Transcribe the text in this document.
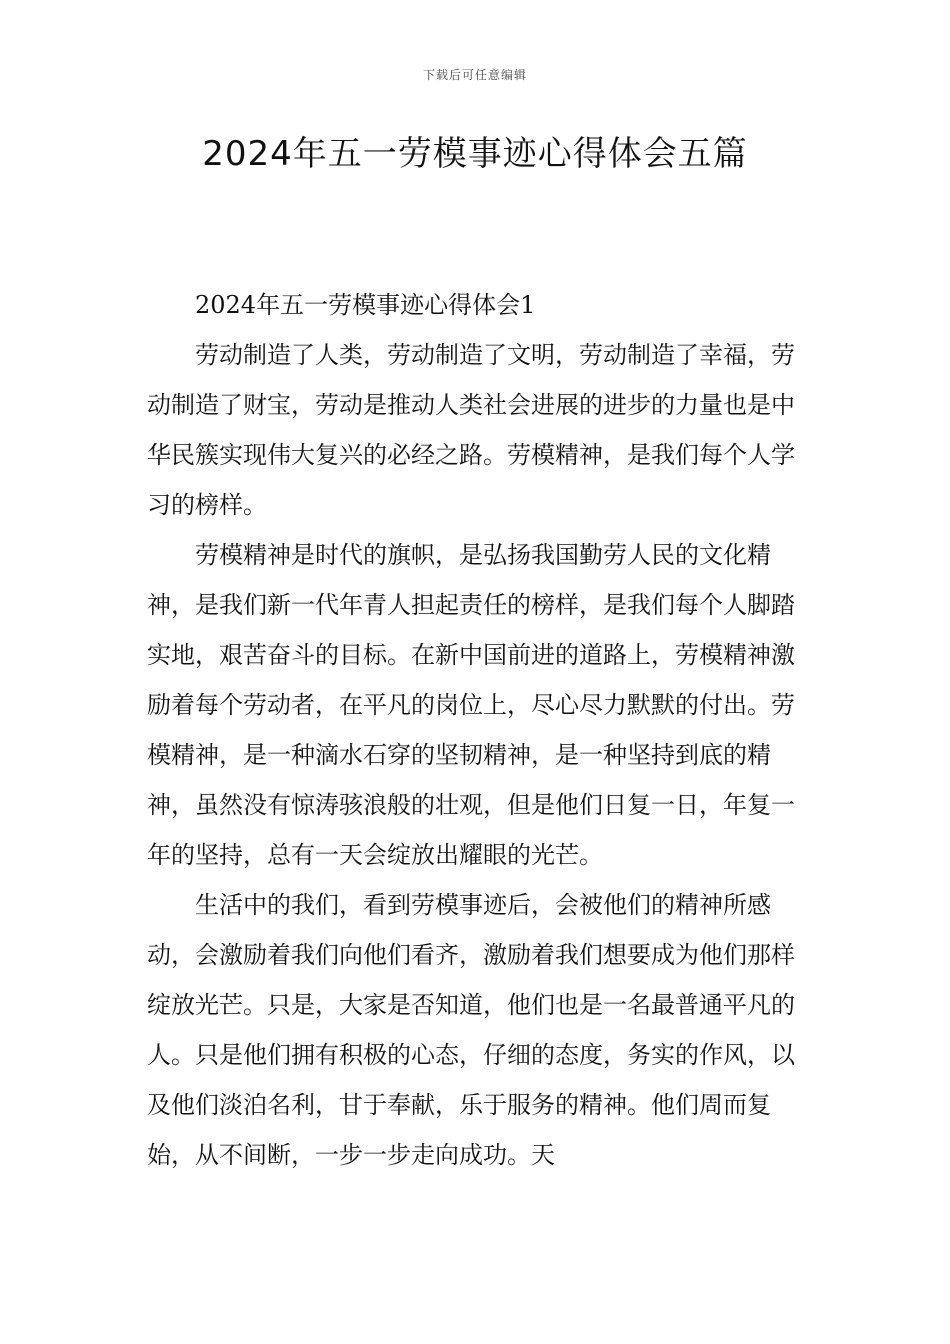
下载后可任意编辑
2024年五一劳模事迹心得体会五篇

2024年五一劳模事迹心得体会1

劳动制造了人类，劳动制造了文明，劳动制造了幸福，劳动制造了财宝，劳动是推动人类社会进展的进步的力量也是中华民簇实现伟大复兴的必经之路。劳模精神，是我们每个人学习的榜样。

劳模精神是时代的旗帜，是弘扬我国勤劳人民的文化精神，是我们新一代年青人担起责任的榜样，是我们每个人脚踏实地，艰苦奋斗的目标。在新中国前进的道路上，劳模精神激励着每个劳动者，在平凡的岗位上，尽心尽力默默的付出。劳模精神，是一种滴水石穿的坚韧精神，是一种坚持到底的精神，虽然没有惊涛骇浪般的壮观，但是他们日复一日，年复一年的坚持，总有一天会绽放出耀眼的光芒。

生活中的我们，看到劳模事迹后，会被他们的精神所感动，会激励着我们向他们看齐，激励着我们想要成为他们那样绽放光芒。只是，大家是否知道，他们也是一名最普通平凡的人。只是他们拥有积极的心态，仔细的态度，务实的作风，以及他们淡泊名利，甘于奉献，乐于服务的精神。他们周而复始，从不间断，一步一步走向成功。天
